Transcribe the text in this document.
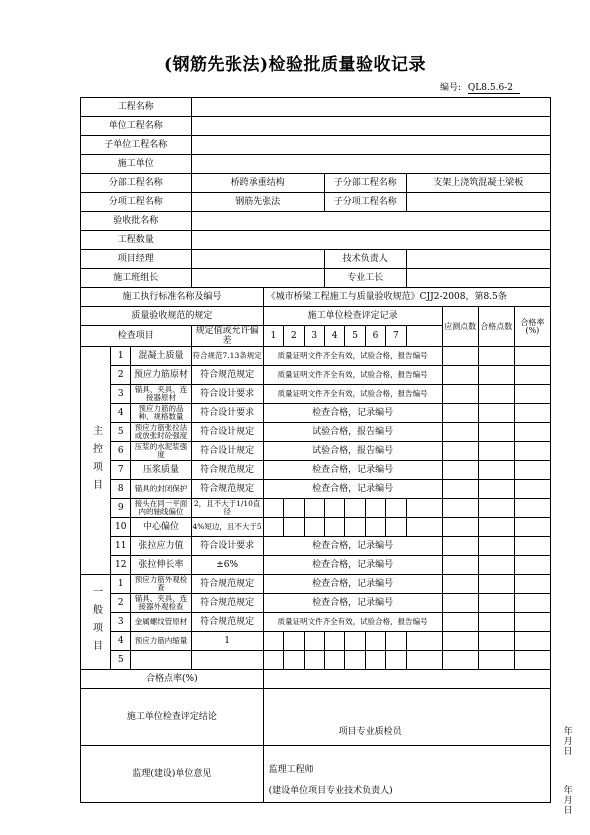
(钢筋先张法)检验批质量验收记录
编号: QL8.5.6-2
工程名称														
单位工程名称														
子单位工程名称														
施工单位														
分部工程名称			桥跨承重结构				子分部工程名称				支架上浇筑混凝土梁板			
分项工程名称			钢筋先张法				子分项工程名称							
验收批名称														
工程数量														
项目经理							技术负责人							
施工班组长							专业工长							
施工执行标准名称及编号				《城市桥梁工程施工与质量验收规范》CJJ2-2008，第8.5条										
质量验收规范的规定				施工单位检查评定记录								应测点数	合格点数	合格率(%)
检查项目			规定值或允许偏差	1	2	3	4	5	6	7				
主控项目	1	混凝土质量	符合规范7.13条规定	质量证明文件齐全有效，试验合格，报告编号										
	2	预应力筋原材	符合规范规定	质量证明文件齐全有效，试验合格，报告编号										
	3	锚具、夹具、连接器原材	符合设计要求	质量证明文件齐全有效，试验合格，报告编号										
	4	预应力筋的品种、规格数量	符合设计要求	检查合格，记录编号										
	5	预应力筋张拉法或放张时砼强度	符合设计规定	试验合格，报告编号										
	6	压浆的水泥浆强度	符合设计规定	试验合格，报告编号										
	7	压浆质量	符合规范规定	检查合格，记录编号										
	8	锚具的封闭保护	符合规范规定	检查合格，记录编号										
	9	接头在同一平面内的轴线偏位	2，且不大于1/10直径											
	10	中心偏位	4%短边，且不大于5											
	11	张拉应力值	符合设计要求	检查合格，记录编号										
	12	张拉伸长率	±6%	检查合格，记录编号										
一般项目	1	预应力筋外观检查	符合规范规定	检查合格，记录编号										
	2	锚具、夹具、连接器外观检查	符合规范规定	检查合格，记录编号										
	3	金属螺纹管原材	符合规范规定	质量证明文件齐全有效，试验合格，报告编号										
	4	预应力筋内缩量	1											
	5													
合格点率(%)														
施工单位检查评定结论				项目专业质检员 年 月 日										

监理(建设)单位意见				监理工程师
(建设单位项目专业技术负责人) 年 月 日										
